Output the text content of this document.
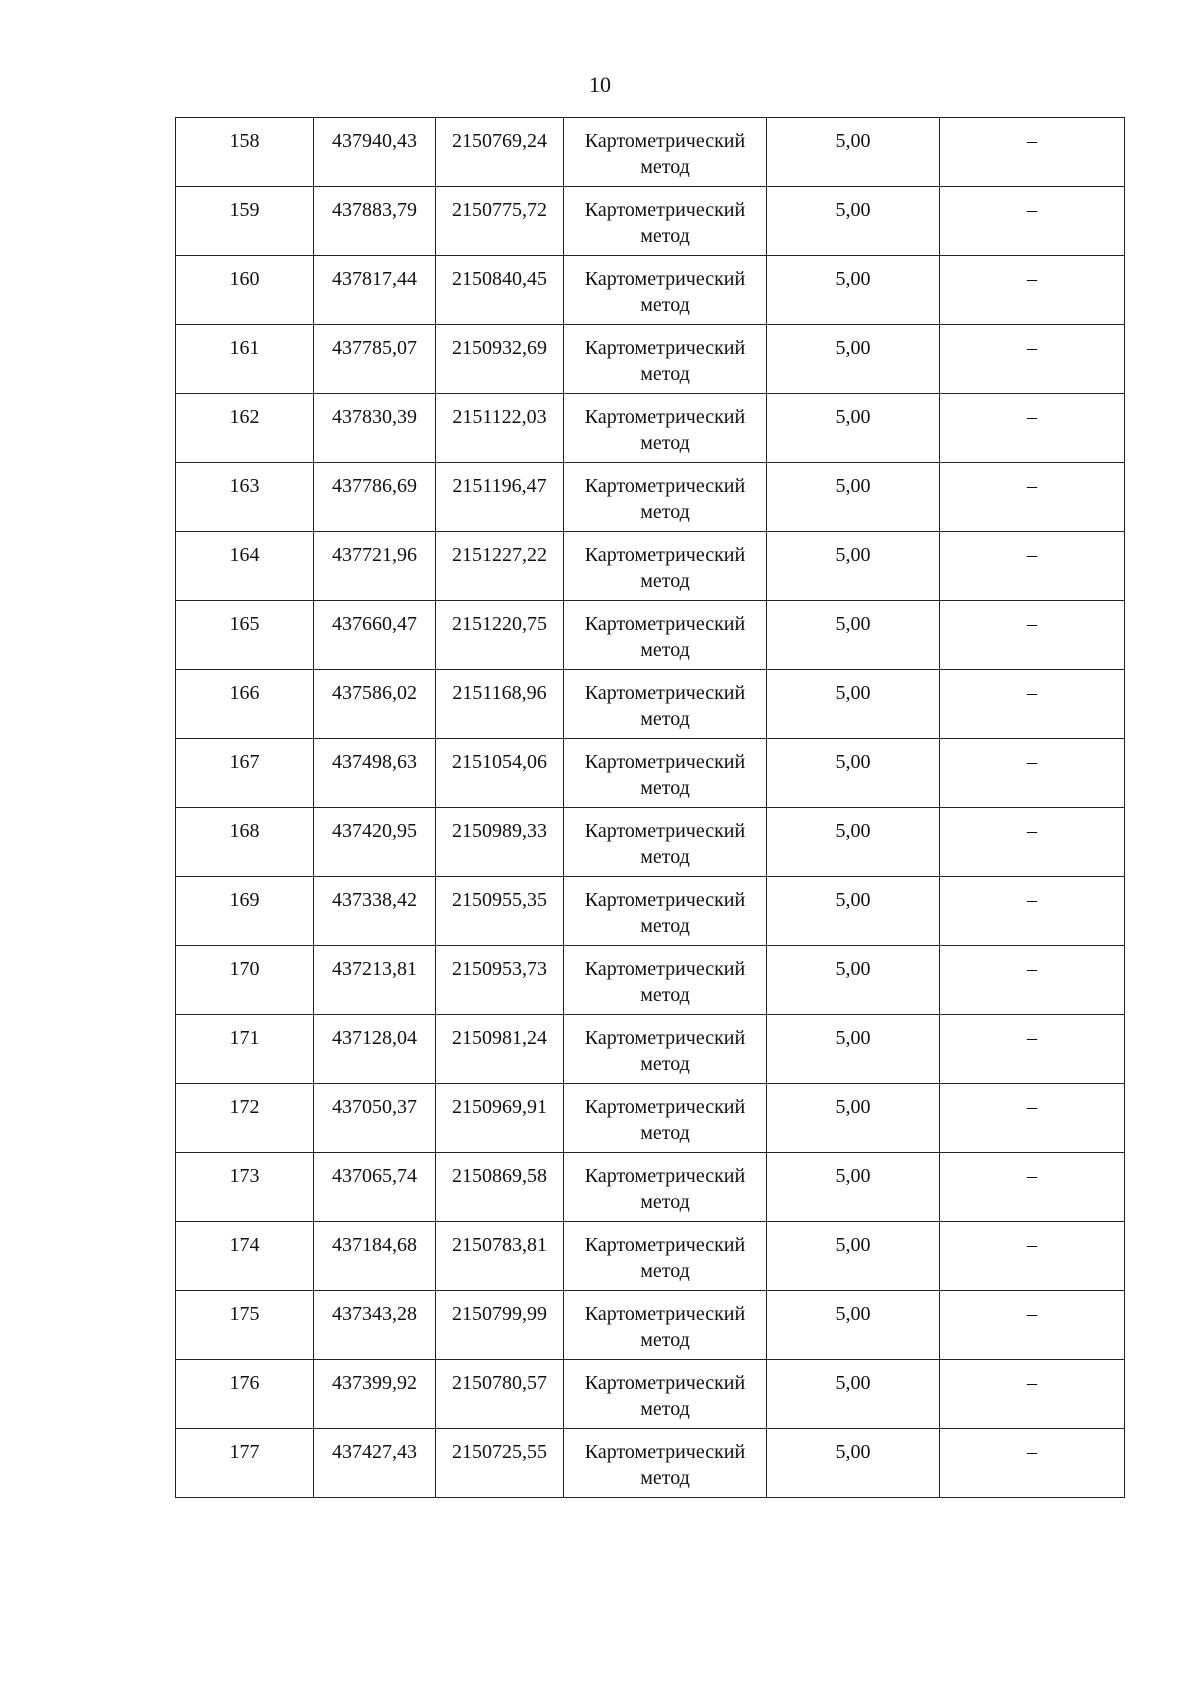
10
158	437940,43	2150769,24	Картометрический метод	5,00	–
159	437883,79	2150775,72	Картометрический метод	5,00	–
160	437817,44	2150840,45	Картометрический метод	5,00	–
161	437785,07	2150932,69	Картометрический метод	5,00	–
162	437830,39	2151122,03	Картометрический метод	5,00	–
163	437786,69	2151196,47	Картометрический метод	5,00	–
164	437721,96	2151227,22	Картометрический метод	5,00	–
165	437660,47	2151220,75	Картометрический метод	5,00	–
166	437586,02	2151168,96	Картометрический метод	5,00	–
167	437498,63	2151054,06	Картометрический метод	5,00	–
168	437420,95	2150989,33	Картометрический метод	5,00	–
169	437338,42	2150955,35	Картометрический метод	5,00	–
170	437213,81	2150953,73	Картометрический метод	5,00	–
171	437128,04	2150981,24	Картометрический метод	5,00	–
172	437050,37	2150969,91	Картометрический метод	5,00	–
173	437065,74	2150869,58	Картометрический метод	5,00	–
174	437184,68	2150783,81	Картометрический метод	5,00	–
175	437343,28	2150799,99	Картометрический метод	5,00	–
176	437399,92	2150780,57	Картометрический метод	5,00	–
177	437427,43	2150725,55	Картометрический метод	5,00	–
